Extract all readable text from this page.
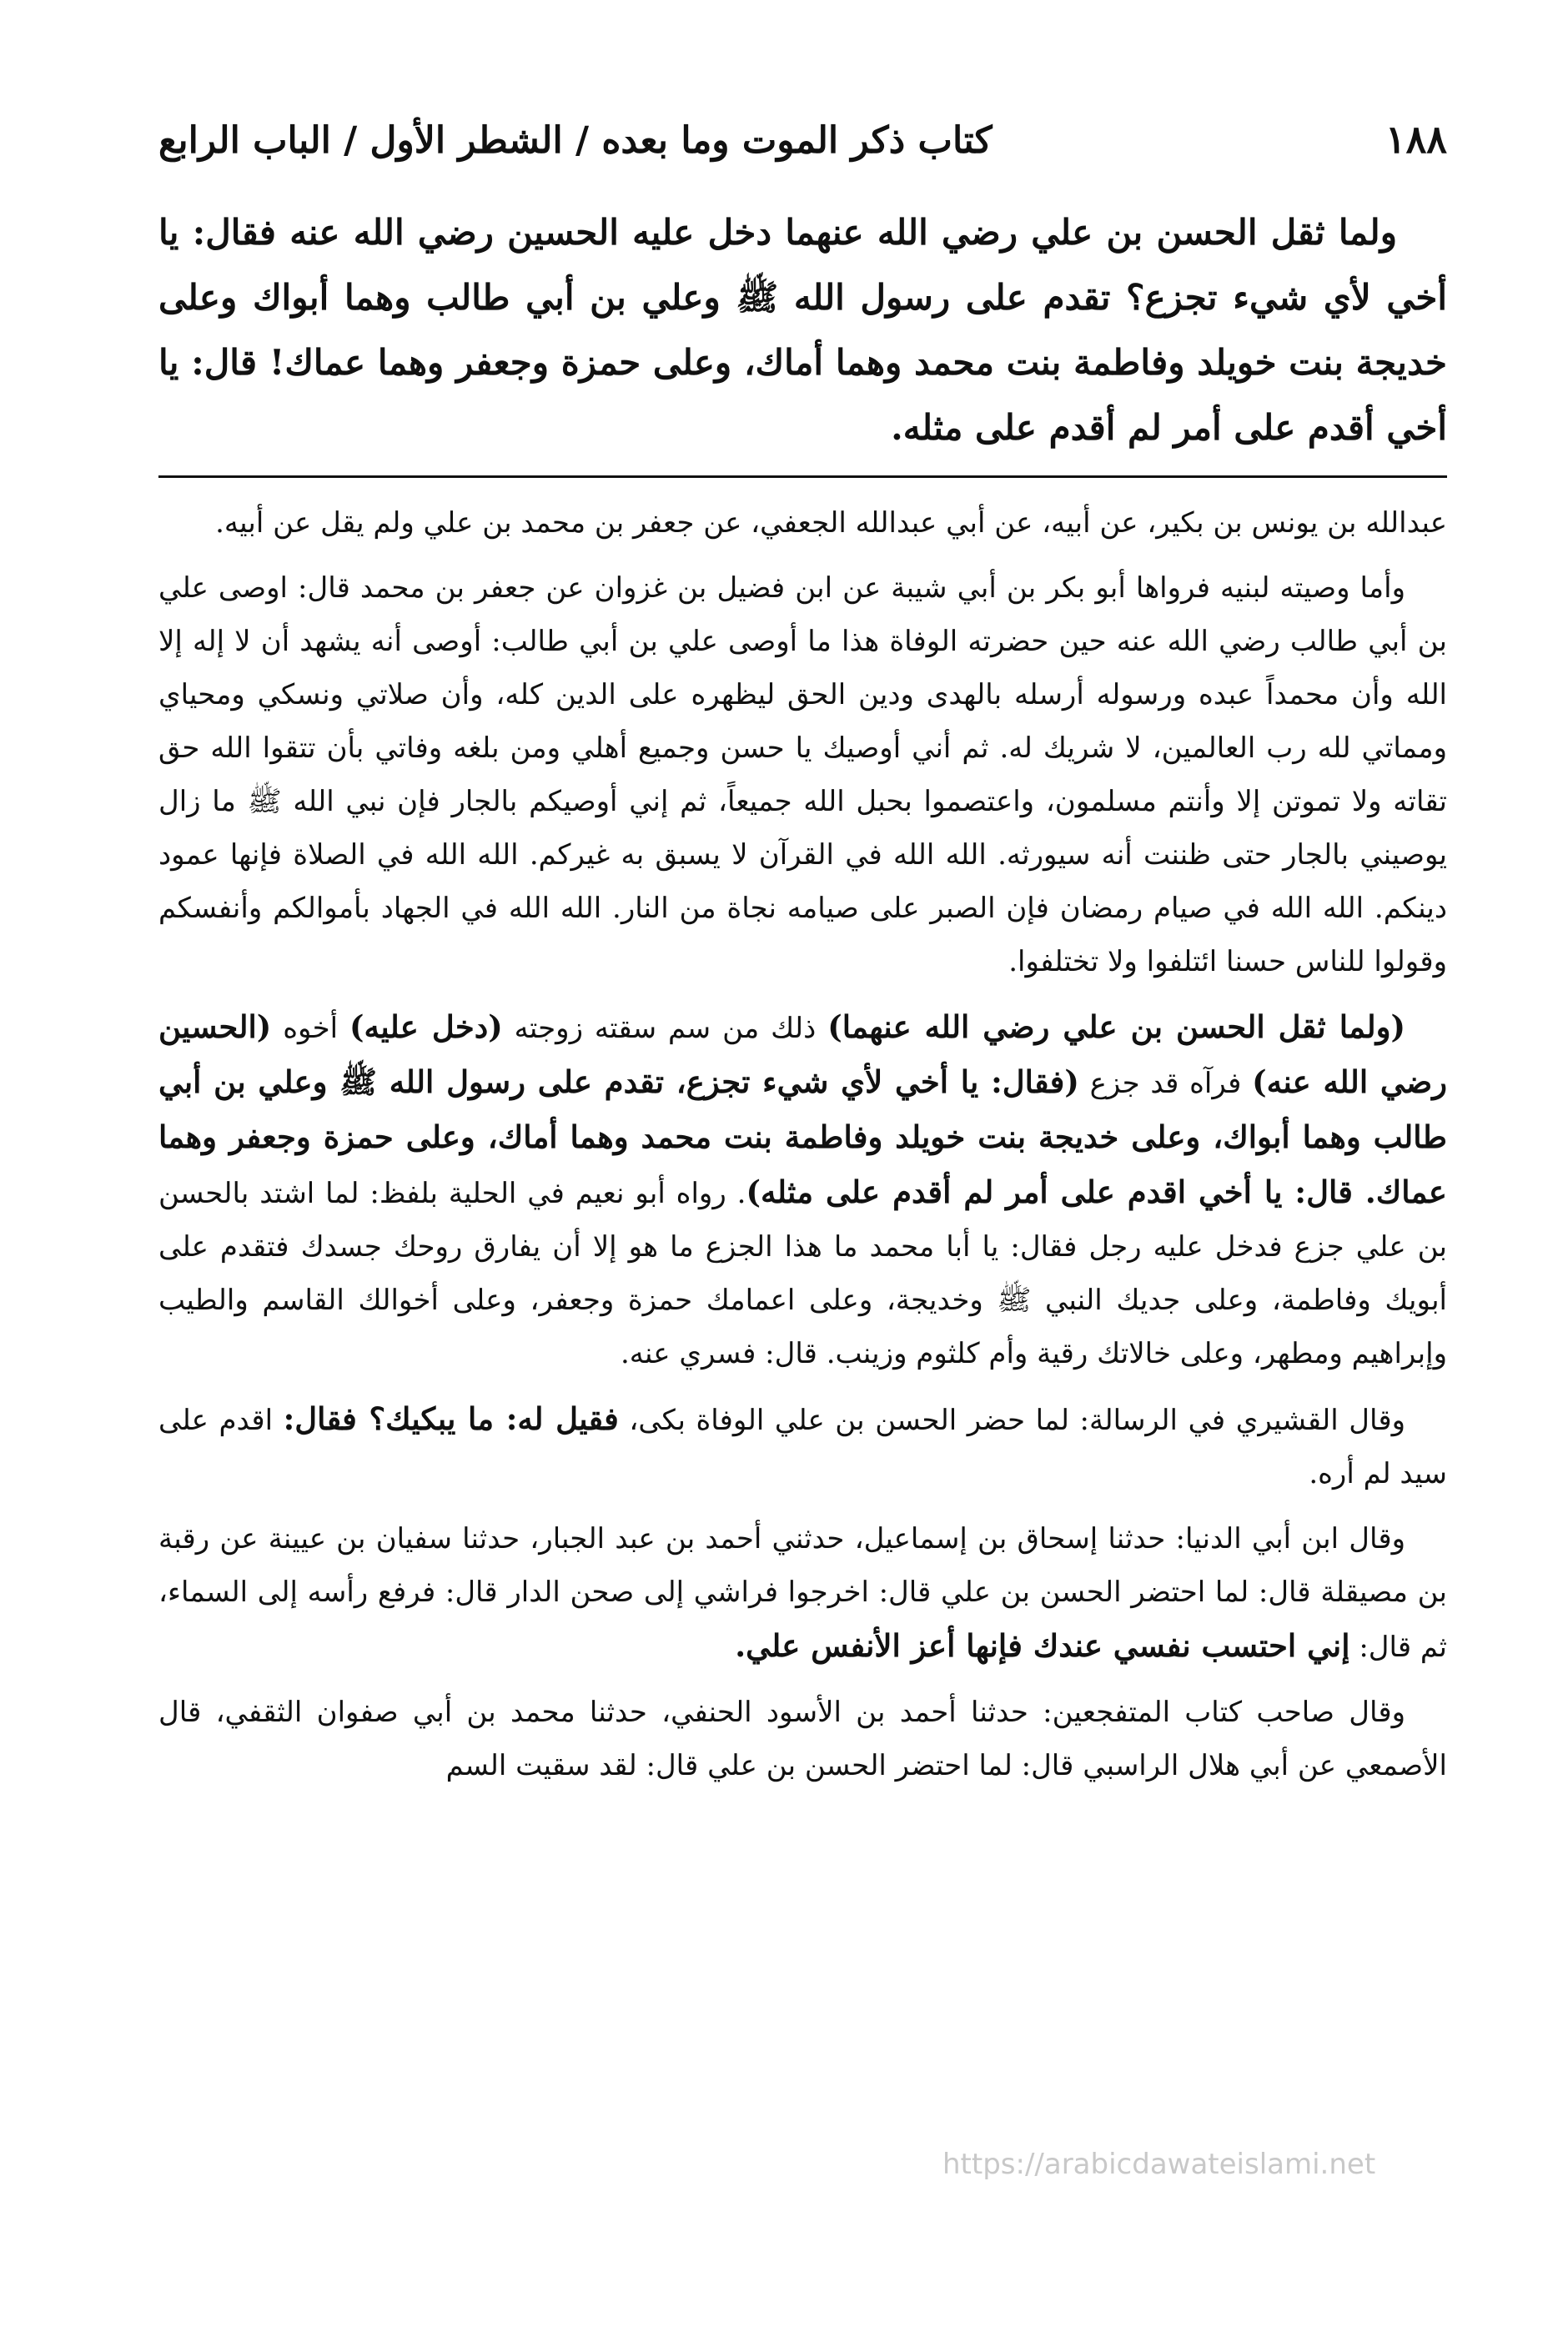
١٨٨
كتاب ذكر الموت وما بعده / الشطر الأول / الباب الرابع

ولما ثقل الحسن بن علي رضي الله عنهما دخل عليه الحسين رضي الله عنه فقال: يا أخي لأي شيء تجزع؟ تقدم على رسول الله ﷺ وعلي بن أبي طالب وهما أبواك وعلى خديجة بنت خويلد وفاطمة بنت محمد وهما أماك، وعلى حمزة وجعفر وهما عماك! قال: يا أخي أقدم على أمر لم أقدم على مثله.

عبدالله بن يونس بن بكير، عن أبيه، عن أبي عبدالله الجعفي، عن جعفر بن محمد بن علي ولم يقل عن أبيه.

وأما وصيته لبنيه فرواها أبو بكر بن أبي شيبة عن ابن فضيل بن غزوان عن جعفر بن محمد قال: اوصى علي بن أبي طالب رضي الله عنه حين حضرته الوفاة هذا ما أوصى علي بن أبي طالب: أوصى أنه يشهد أن لا إله إلا الله وأن محمداً عبده ورسوله أرسله بالهدى ودين الحق ليظهره على الدين كله، وأن صلاتي ونسكي ومحياي ومماتي لله رب العالمين، لا شريك له. ثم أني أوصيك يا حسن وجميع أهلي ومن بلغه وفاتي بأن تتقوا الله حق تقاته ولا تموتن إلا وأنتم مسلمون، واعتصموا بحبل الله جميعاً، ثم إني أوصيكم بالجار فإن نبي الله ﷺ ما زال يوصيني بالجار حتى ظننت أنه سيورثه. الله الله في القرآن لا يسبق به غيركم. الله الله في الصلاة فإنها عمود دينكم. الله الله في صيام رمضان فإن الصبر على صيامه نجاة من النار. الله الله في الجهاد بأموالكم وأنفسكم وقولوا للناس حسنا ائتلفوا ولا تختلفوا.

(ولما ثقل الحسن بن علي رضي الله عنهما) ذلك من سم سقته زوجته (دخل عليه) أخوه (الحسين رضي الله عنه) فرآه قد جزع (فقال: يا أخي لأي شيء تجزع، تقدم على رسول الله ﷺ وعلي بن أبي طالب وهما أبواك، وعلى خديجة بنت خويلد وفاطمة بنت محمد وهما أماك، وعلى حمزة وجعفر وهما عماك. قال: يا أخي اقدم على أمر لم أقدم على مثله). رواه أبو نعيم في الحلية بلفظ: لما اشتد بالحسن بن علي جزع فدخل عليه رجل فقال: يا أبا محمد ما هذا الجزع ما هو إلا أن يفارق روحك جسدك فتقدم على أبويك وفاطمة، وعلى جديك النبي ﷺ وخديجة، وعلى اعمامك حمزة وجعفر، وعلى أخوالك القاسم والطيب وإبراهيم ومطهر، وعلى خالاتك رقية وأم كلثوم وزينب. قال: فسري عنه.

وقال القشيري في الرسالة: لما حضر الحسن بن علي الوفاة بكى، فقيل له: ما يبكيك؟ فقال: اقدم على سيد لم أره.

وقال ابن أبي الدنيا: حدثنا إسحاق بن إسماعيل، حدثني أحمد بن عبد الجبار، حدثنا سفيان بن عيينة عن رقبة بن مصيقلة قال: لما احتضر الحسن بن علي قال: اخرجوا فراشي إلى صحن الدار قال: فرفع رأسه إلى السماء، ثم قال: إني احتسب نفسي عندك فإنها أعز الأنفس علي.

وقال صاحب كتاب المتفجعين: حدثنا أحمد بن الأسود الحنفي، حدثنا محمد بن أبي صفوان الثقفي، قال الأصمعي عن أبي هلال الراسبي قال: لما احتضر الحسن بن علي قال: لقد سقيت السم

https://arabicdawateislami.net
